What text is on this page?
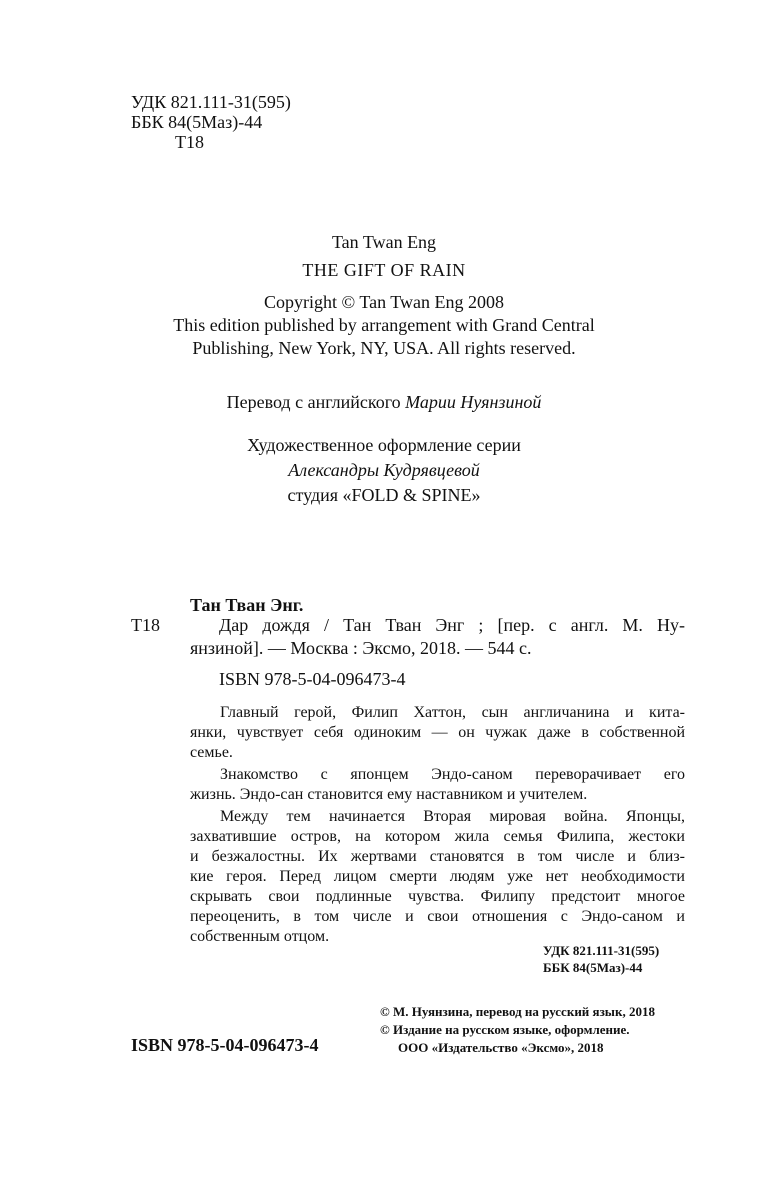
УДК 821.111-31(595)
ББК 84(5Маз)-44
Т18
Tan Twan Eng
THE GIFT OF RAIN
Copyright © Tan Twan Eng 2008
This edition published by arrangement with Grand Central
Publishing, New York, NY, USA. All rights reserved.
Перевод с английского Марии Нуянзиной
Художественное оформление серии
Александры Кудрявцевой
студия «FOLD & SPINE»
Тан Тван Энг.
Т18	Дар дождя / Тан Тван Энг ; [пер. с англ. М. Ну-
янзиной]. — Москва : Эксмо, 2018. — 544 с.
ISBN 978-5-04-096473-4
Главный герой, Филип Хаттон, сын англичанина и кита-
янки, чувствует себя одиноким — он чужак даже в собственной
семье.
Знакомство с японцем Эндо-саном переворачивает его
жизнь. Эндо-сан становится ему наставником и учителем.
Между тем начинается Вторая мировая война. Японцы,
захватившие остров, на котором жила семья Филипа, жестоки
и безжалостны. Их жертвами становятся в том числе и близ-
кие героя. Перед лицом смерти людям уже нет необходимости
скрывать свои подлинные чувства. Филипу предстоит многое
переоценить, в том числе и свои отношения с Эндо-саном и
собственным отцом.
УДК 821.111-31(595)
ББК 84(5Маз)-44
© М. Нуянзина, перевод на русский язык, 2018
© Издание на русском языке, оформление.
ООО «Издательство «Эксмо», 2018
ISBN 978-5-04-096473-4
